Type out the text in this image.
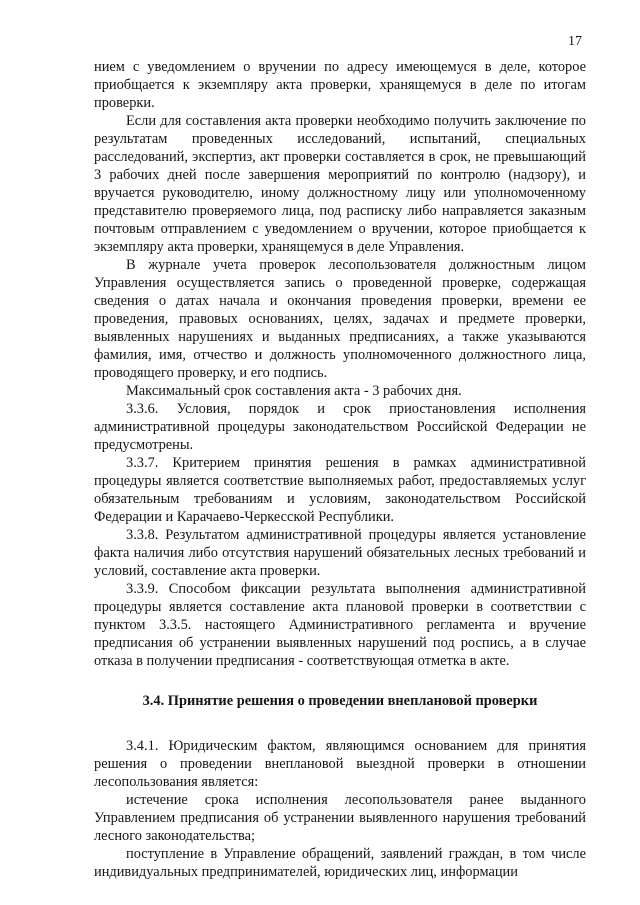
17

нием с уведомлением о вручении по адресу имеющемуся в деле, которое приобщается к экземпляру акта проверки, хранящемуся в деле по итогам проверки.

Если для составления акта проверки необходимо получить заключение по результатам проведенных исследований, испытаний, специальных расследований, экспертиз, акт проверки составляется в срок, не превышающий 3 рабочих дней после завершения мероприятий по контролю (надзору), и вручается руководителю, иному должностному лицу или уполномоченному представителю проверяемого лица, под расписку либо направляется заказным почтовым отправлением с уведомлением о вручении, которое приобщается к экземпляру акта проверки, хранящемуся в деле Управления.

В журнале учета проверок лесопользователя должностным лицом Управления осуществляется запись о проведенной проверке, содержащая сведения о датах начала и окончания проведения проверки, времени ее проведения, правовых основаниях, целях, задачах и предмете проверки, выявленных нарушениях и выданных предписаниях, а также указываются фамилия, имя, отчество и должность уполномоченного должностного лица, проводящего проверку, и его подпись.

Максимальный срок составления акта - 3 рабочих дня.

3.3.6. Условия, порядок и срок приостановления исполнения административной процедуры законодательством Российской Федерации не предусмотрены.

3.3.7. Критерием принятия решения в рамках административной процедуры является соответствие выполняемых работ, предоставляемых услуг обязательным требованиям и условиям, законодательством Российской Федерации и Карачаево-Черкесской Республики.

3.3.8. Результатом административной процедуры является установление факта наличия либо отсутствия нарушений обязательных лесных требований и условий, составление акта проверки.

3.3.9. Способом фиксации результата выполнения административной процедуры является составление акта плановой проверки в соответствии с пунктом 3.3.5. настоящего Административного регламента и вручение предписания об устранении выявленных нарушений под роспись, а в случае отказа в получении предписания - соответствующая отметка в акте.

3.4. Принятие решения о проведении внеплановой проверки

3.4.1. Юридическим фактом, являющимся основанием для принятия решения о проведении внеплановой выездной проверки в отношении лесопользования является:

истечение срока исполнения лесопользователя ранее выданного Управлением предписания об устранении выявленного нарушения требований лесного законодательства;

поступление в Управление обращений, заявлений граждан, в том числе индивидуальных предпринимателей, юридических лиц, информации
